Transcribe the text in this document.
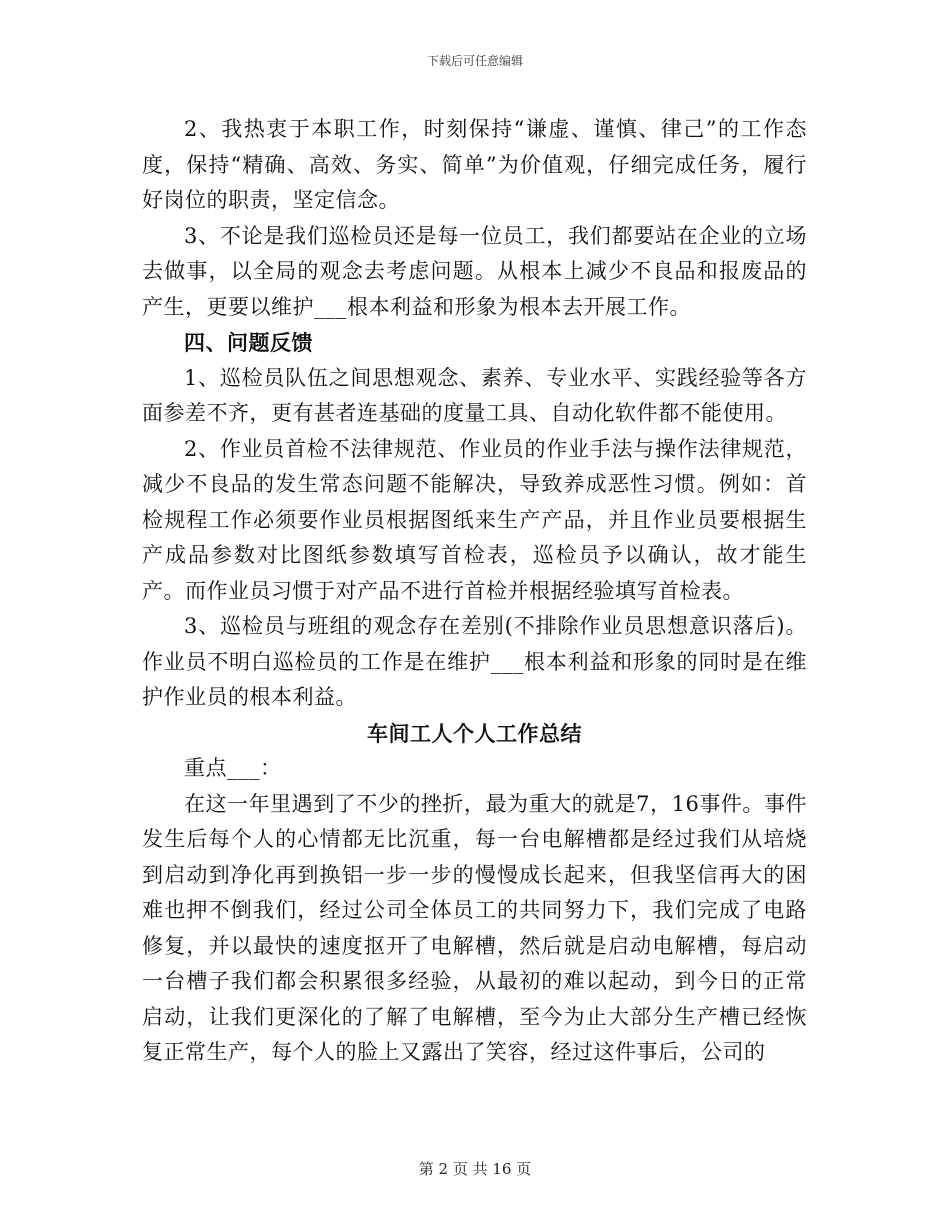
下载后可任意编辑

2、我热衷于本职工作，时刻保持“谦虚、谨慎、律己”的工作态度，保持“精确、高效、务实、简单”为价值观，仔细完成任务，履行好岗位的职责，坚定信念。

3、不论是我们巡检员还是每一位员工，我们都要站在企业的立场去做事，以全局的观念去考虑问题。从根本上减少不良品和报废品的产生，更要以维护___根本利益和形象为根本去开展工作。

四、问题反馈

1、巡检员队伍之间思想观念、素养、专业水平、实践经验等各方面参差不齐，更有甚者连基础的度量工具、自动化软件都不能使用。

2、作业员首检不法律规范、作业员的作业手法与操作法律规范，减少不良品的发生常态问题不能解决，导致养成恶性习惯。例如：首检规程工作必须要作业员根据图纸来生产产品，并且作业员要根据生产成品参数对比图纸参数填写首检表，巡检员予以确认，故才能生产。而作业员习惯于对产品不进行首检并根据经验填写首检表。

3、巡检员与班组的观念存在差别(不排除作业员思想意识落后)。作业员不明白巡检员的工作是在维护___根本利益和形象的同时是在维护作业员的根本利益。

车间工人个人工作总结

重点___：

在这一年里遇到了不少的挫折，最为重大的就是7，16事件。事件发生后每个人的心情都无比沉重，每一台电解槽都是经过我们从培烧到启动到净化再到换铝一步一步的慢慢成长起来，但我坚信再大的困难也押不倒我们，经过公司全体员工的共同努力下，我们完成了电路修复，并以最快的速度抠开了电解槽，然后就是启动电解槽，每启动一台槽子我们都会积累很多经验，从最初的难以起动，到今日的正常启动，让我们更深化的了解了电解槽，至今为止大部分生产槽已经恢复正常生产，每个人的脸上又露出了笑容，经过这件事后，公司的

第 2 页 共 16 页
